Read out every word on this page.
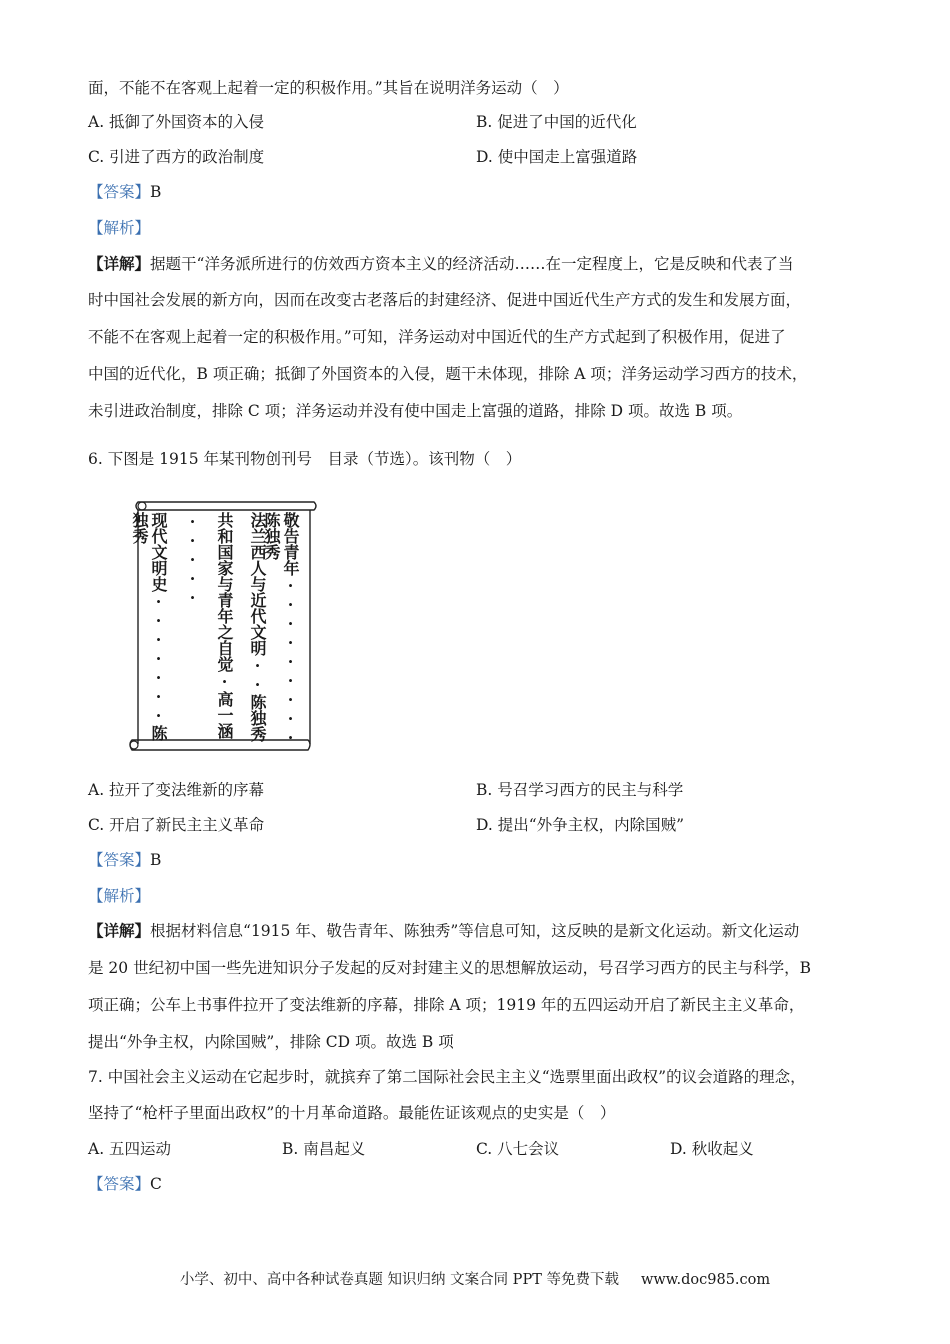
面，不能不在客观上起着一定的积极作用。”其旨在说明洋务运动（　）
A. 抵御了外国资本的入侵	B. 促进了中国的近代化
C. 引进了西方的政治制度	D. 使中国走上富强道路
【答案】B
【解析】
【详解】据题干“洋务派所进行的仿效西方资本主义的经济活动……在一定程度上，它是反映和代表了当
时中国社会发展的新方向，因而在改变古老落后的封建经济、促进中国近代生产方式的发生和发展方面，
不能不在客观上起着一定的积极作用。”可知，洋务运动对中国近代的生产方式起到了积极作用，促进了
中国的近代化，B 项正确；抵御了外国资本的入侵，题干未体现，排除 A 项；洋务运动学习西方的技术，
未引进政治制度，排除 C 项；洋务运动并没有使中国走上富强的道路，排除 D 项。故选 B 项。
6. 下图是 1915 年某刊物创刊号　目录（节选）。该刊物（　）
敬告青年·········陈独秀
法兰西人与近代文明··陈独秀
共和国家与青年之自觉·高一涵
·····
现代文明史·······陈独秀
A. 拉开了变法维新的序幕	B. 号召学习西方的民主与科学
C. 开启了新民主主义革命	D. 提出“外争主权，内除国贼”
【答案】B
【解析】
【详解】根据材料信息“1915 年、敬告青年、陈独秀”等信息可知，这反映的是新文化运动。新文化运动
是 20 世纪初中国一些先进知识分子发起的反对封建主义的思想解放运动，号召学习西方的民主与科学，B
项正确；公车上书事件拉开了变法维新的序幕，排除 A 项；1919 年的五四运动开启了新民主主义革命，
提出“外争主权，内除国贼”，排除 CD 项。故选 B 项
7. 中国社会主义运动在它起步时，就摈弃了第二国际社会民主主义“选票里面出政权”的议会道路的理念，
坚持了“枪杆子里面出政权”的十月革命道路。最能佐证该观点的史实是（　）
A. 五四运动	B. 南昌起义	C. 八七会议	D. 秋收起义
【答案】C
小学、初中、高中各种试卷真题 知识归纳 文案合同 PPT 等免费下载 www.doc985.com
